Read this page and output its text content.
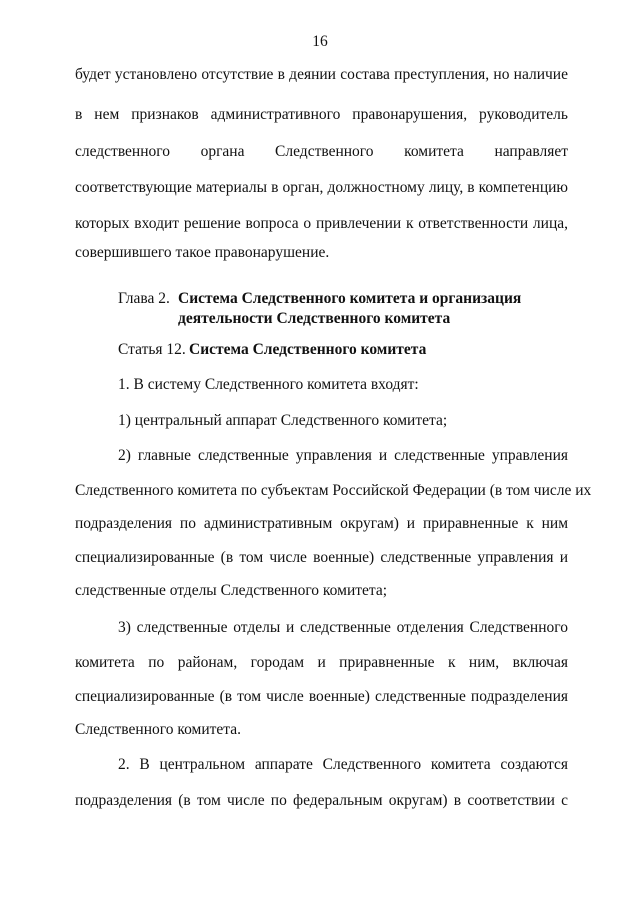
16
будет установлено отсутствие в деянии состава преступления, но наличие
в нем признаков административного правонарушения, руководитель
следственного органа Следственного комитета направляет
соответствующие материалы в орган, должностному лицу, в компетенцию
которых входит решение вопроса о привлечении к ответственности лица,
совершившего такое правонарушение.
Глава 2. Система Следственного комитета и организация
деятельности Следственного комитета
Статья 12. Система Следственного комитета
1. В систему Следственного комитета входят:
1) центральный аппарат Следственного комитета;
2) главные следственные управления и следственные управления
Следственного комитета по субъектам Российской Федерации (в том числе их
подразделения по административным округам) и приравненные к ним
специализированные (в том числе военные) следственные управления и
следственные отделы Следственного комитета;
3) следственные отделы и следственные отделения Следственного
комитета по районам, городам и приравненные к ним, включая
специализированные (в том числе военные) следственные подразделения
Следственного комитета.
2. В центральном аппарате Следственного комитета создаются
подразделения (в том числе по федеральным округам) в соответствии с
